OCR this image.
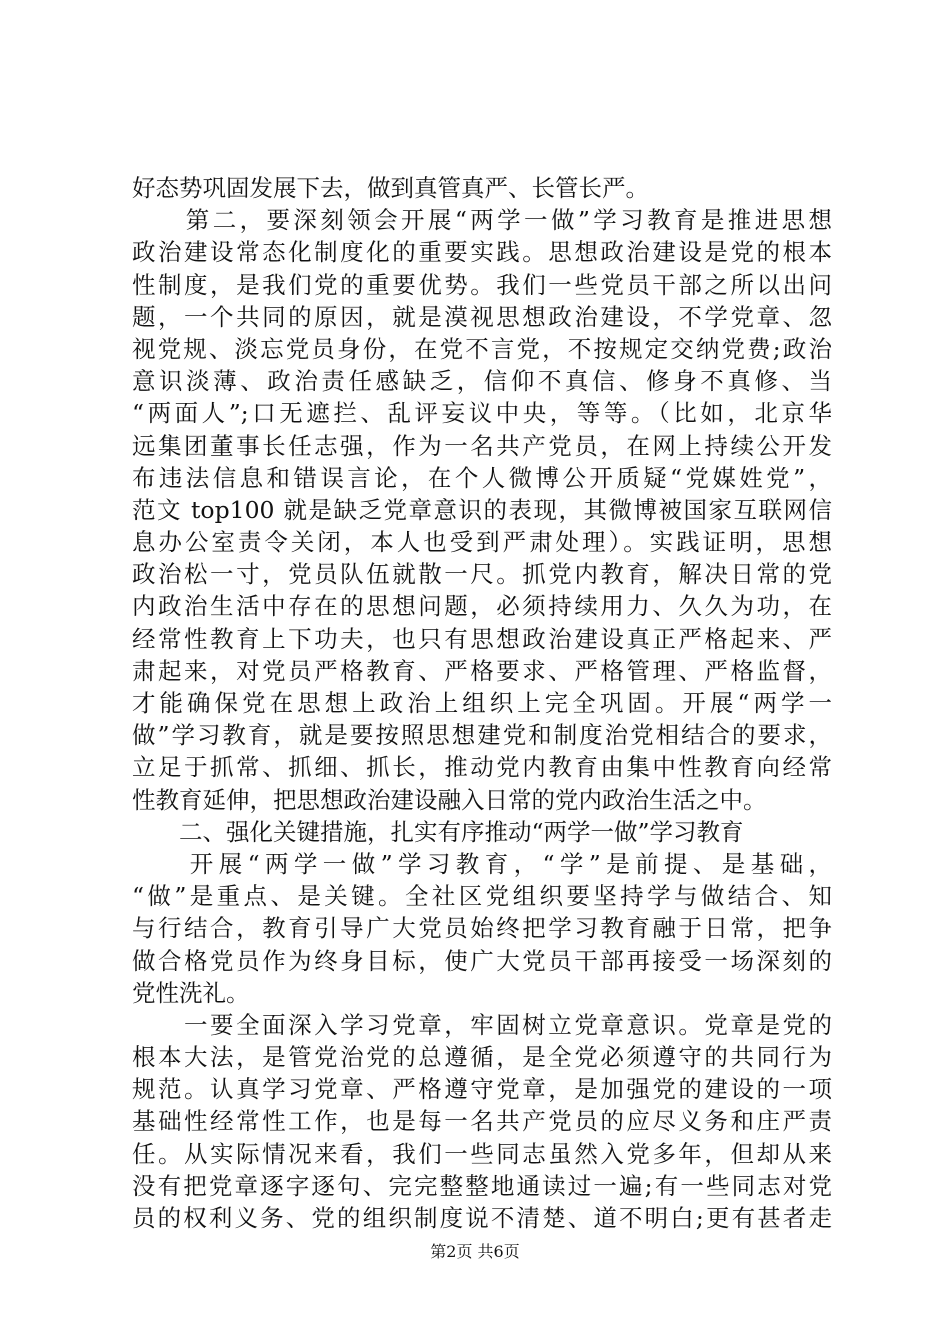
好态势巩固发展下去，做到真管真严、长管长严。
　　第二，要深刻领会开展“两学一做”学习教育是推进思想
政治建设常态化制度化的重要实践。思想政治建设是党的根本
性制度，是我们党的重要优势。我们一些党员干部之所以出问
题，一个共同的原因，就是漠视思想政治建设，不学党章、忽
视党规、淡忘党员身份，在党不言党，不按规定交纳党费;政治
意识淡薄、政治责任感缺乏，信仰不真信、修身不真修、当
“两面人”;口无遮拦、乱评妄议中央，等等。（比如，北京华
远集团董事长任志强，作为一名共产党员，在网上持续公开发
布违法信息和错误言论，在个人微博公开质疑“党媒姓党”，
范文 top100 就是缺乏党章意识的表现，其微博被国家互联网信
息办公室责令关闭，本人也受到严肃处理）。实践证明，思想
政治松一寸，党员队伍就散一尺。抓党内教育，解决日常的党
内政治生活中存在的思想问题，必须持续用力、久久为功，在
经常性教育上下功夫，也只有思想政治建设真正严格起来、严
肃起来，对党员严格教育、严格要求、严格管理、严格监督，
才能确保党在思想上政治上组织上完全巩固。开展“两学一
做”学习教育，就是要按照思想建党和制度治党相结合的要求，
立足于抓常、抓细、抓长，推动党内教育由集中性教育向经常
性教育延伸，把思想政治建设融入日常的党内政治生活之中。
　　二、强化关键措施，扎实有序推动“两学一做”学习教育
　　开展“两学一做”学习教育，“学”是前提、是基础，
“做”是重点、是关键。全社区党组织要坚持学与做结合、知
与行结合，教育引导广大党员始终把学习教育融于日常，把争
做合格党员作为终身目标，使广大党员干部再接受一场深刻的
党性洗礼。
　　一要全面深入学习党章，牢固树立党章意识。党章是党的
根本大法，是管党治党的总遵循，是全党必须遵守的共同行为
规范。认真学习党章、严格遵守党章，是加强党的建设的一项
基础性经常性工作，也是每一名共产党员的应尽义务和庄严责
任。从实际情况来看，我们一些同志虽然入党多年，但却从来
没有把党章逐字逐句、完完整整地通读过一遍;有一些同志对党
员的权利义务、党的组织制度说不清楚、道不明白;更有甚者走
第2页 共6页
